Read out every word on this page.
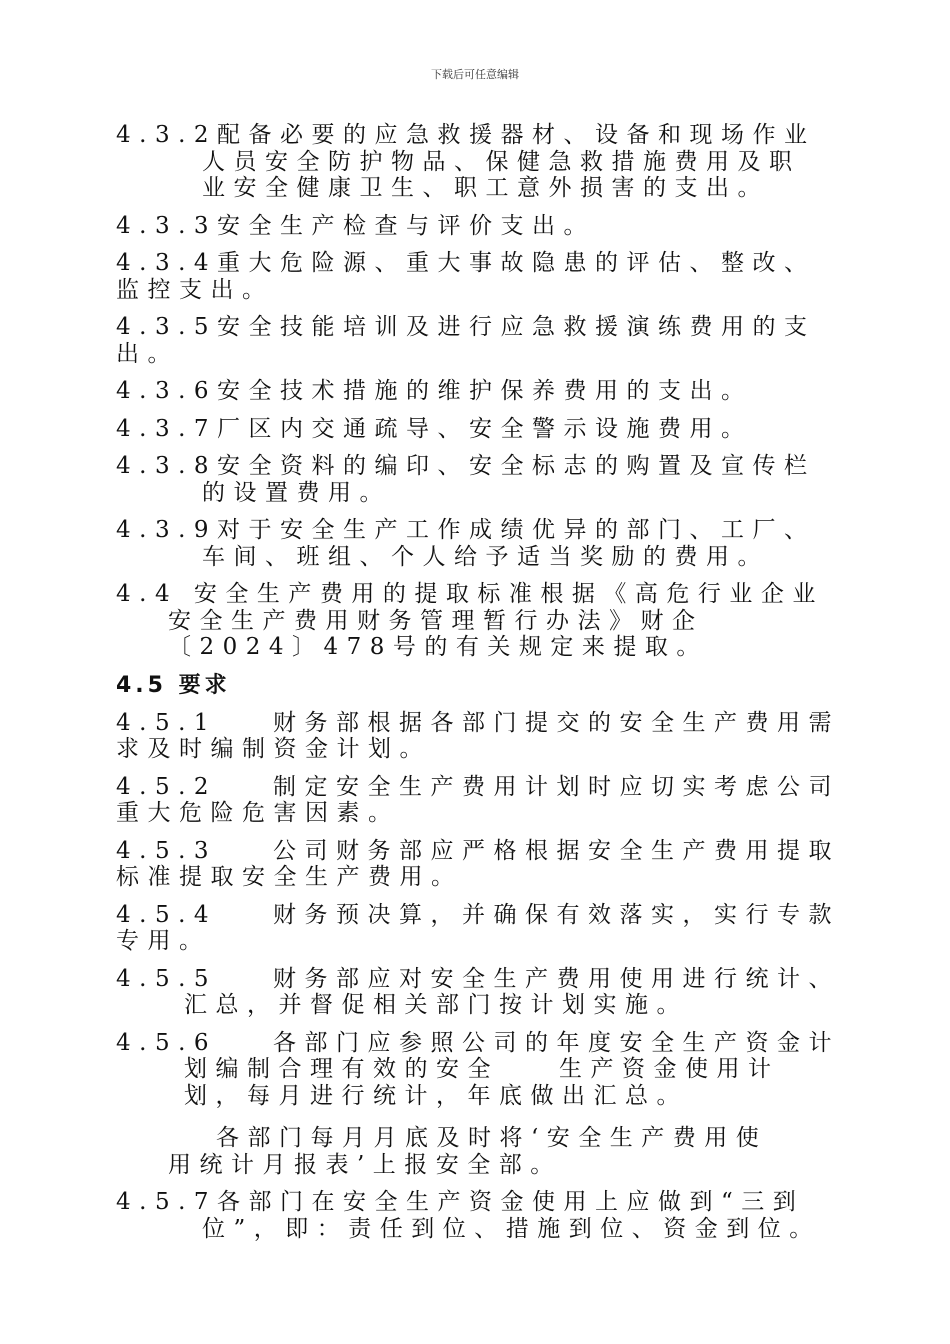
下载后可任意编辑
4.3.2配备必要的应急救援器材、设备和现场作业
人员安全防护物品、保健急救措施费用及职
业安全健康卫生、职工意外损害的支出。
4.3.3安全生产检查与评价支出。
4.3.4重大危险源、重大事故隐患的评估、整改、
监控支出。
4.3.5安全技能培训及进行应急救援演练费用的支
出。
4.3.6安全技术措施的维护保养费用的支出。
4.3.7厂区内交通疏导、安全警示设施费用。
4.3.8安全资料的编印、安全标志的购置及宣传栏
的设置费用。
4.3.9对于安全生产工作成绩优异的部门、工厂、
车间、班组、个人给予适当奖励的费用。
4.4 安全生产费用的提取标准根据《高危行业企业
安全生产费用财务管理暂行办法》财企
〔2024〕478号的有关规定来提取。
4.5 要求
4.5.1 财务部根据各部门提交的安全生产费用需
求及时编制资金计划。
4.5.2 制定安全生产费用计划时应切实考虑公司
重大危险危害因素。
4.5.3 公司财务部应严格根据安全生产费用提取
标准提取安全生产费用。
4.5.4 财务预决算，并确保有效落实，实行专款
专用。
4.5.5 财务部应对安全生产费用使用进行统计、
汇总，并督促相关部门按计划实施。
4.5.6 各部门应参照公司的年度安全生产资金计
划编制合理有效的安全	生产资金使用计
划，每月进行统计，年底做出汇总。
各部门每月月底及时将‘安全生产费用使
用统计月报表’上报安全部。
4.5.7各部门在安全生产资金使用上应做到“三到
位”，即：责任到位、措施到位、资金到位。
